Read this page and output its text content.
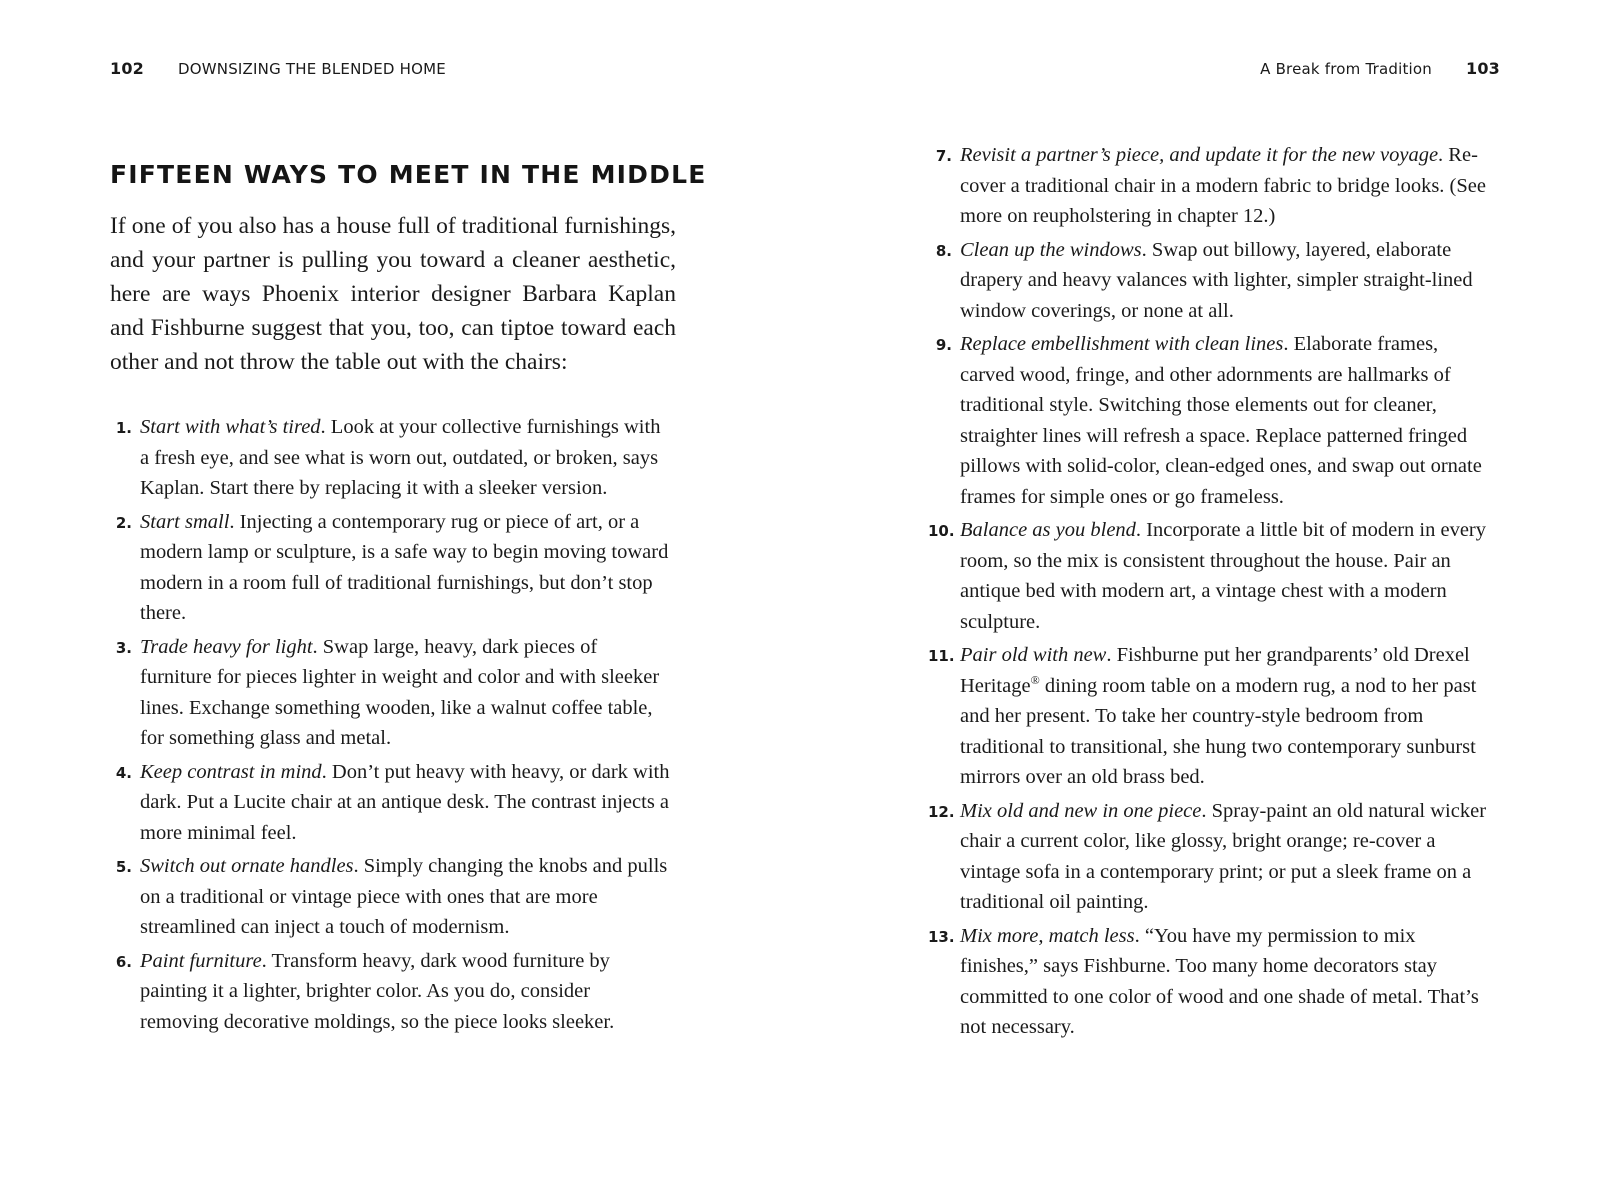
102 DOWNSIZING THE BLENDED HOME
FIFTEEN WAYS TO MEET IN THE MIDDLE

If one of you also has a house full of traditional furnishings, and your partner is pulling you toward a cleaner aesthetic, here are ways Phoenix interior designer Barbara Kaplan and Fishburne suggest that you, too, can tiptoe toward each other and not throw the table out with the chairs:

1. Start with what’s tired. Look at your collective furnishings with a fresh eye, and see what is worn out, outdated, or broken, says Kaplan. Start there by replacing it with a sleeker version.
2. Start small. Injecting a contemporary rug or piece of art, or a modern lamp or sculpture, is a safe way to begin moving toward modern in a room full of traditional furnishings, but don’t stop there.
3. Trade heavy for light. Swap large, heavy, dark pieces of furniture for pieces lighter in weight and color and with sleeker lines. Exchange something wooden, like a walnut coffee table, for something glass and metal.
4. Keep contrast in mind. Don’t put heavy with heavy, or dark with dark. Put a Lucite chair at an antique desk. The contrast injects a more minimal feel.
5. Switch out ornate handles. Simply changing the knobs and pulls on a traditional or vintage piece with ones that are more streamlined can inject a touch of modernism.
6. Paint furniture. Transform heavy, dark wood furniture by painting it a lighter, brighter color. As you do, consider removing decorative moldings, so the piece looks sleeker.
A Break from Tradition 103
7. Revisit a partner’s piece, and update it for the new voyage. Re-cover a traditional chair in a modern fabric to bridge looks. (See more on reupholstering in chapter 12.)
8. Clean up the windows. Swap out billowy, layered, elaborate drapery and heavy valances with lighter, simpler straight-lined window coverings, or none at all.
9. Replace embellishment with clean lines. Elaborate frames, carved wood, fringe, and other adornments are hallmarks of traditional style. Switching those elements out for cleaner, straighter lines will refresh a space. Replace patterned fringed pillows with solid-color, clean-edged ones, and swap out ornate frames for simple ones or go frameless.
10. Balance as you blend. Incorporate a little bit of modern in every room, so the mix is consistent throughout the house. Pair an antique bed with modern art, a vintage chest with a modern sculpture.
11. Pair old with new. Fishburne put her grandparents’ old Drexel Heritage® dining room table on a modern rug, a nod to her past and her present. To take her country-style bedroom from traditional to transitional, she hung two contemporary sunburst mirrors over an old brass bed.
12. Mix old and new in one piece. Spray-paint an old natural wicker chair a current color, like glossy, bright orange; re-cover a vintage sofa in a contemporary print; or put a sleek frame on a traditional oil painting.
13. Mix more, match less. “You have my permission to mix finishes,” says Fishburne. Too many home decorators stay committed to one color of wood and one shade of metal. That’s not necessary.
